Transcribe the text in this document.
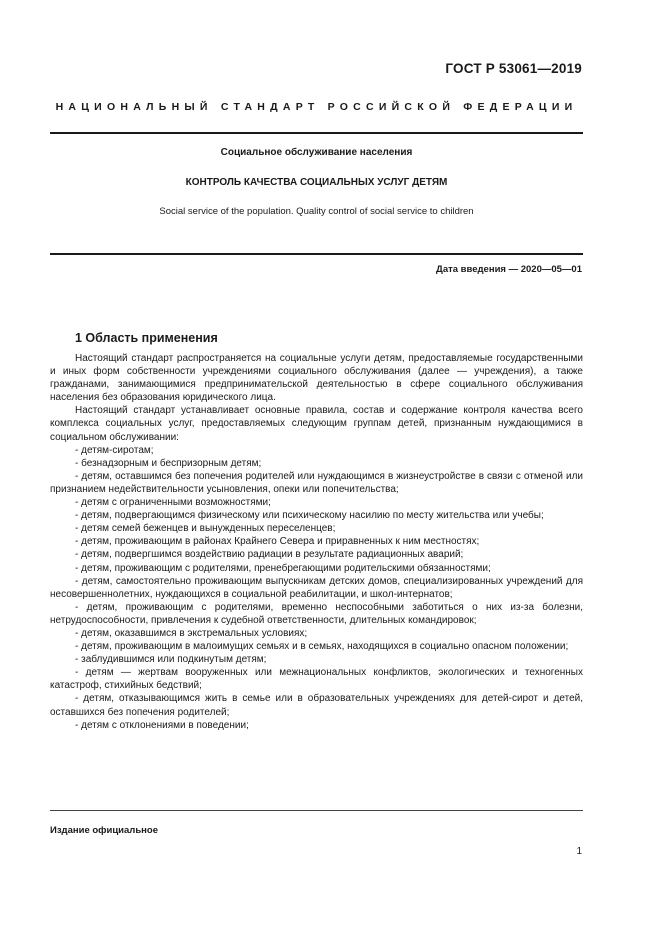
ГОСТ Р 53061—2019
НАЦИОНАЛЬНЫЙ СТАНДАРТ РОССИЙСКОЙ ФЕДЕРАЦИИ
Социальное обслуживание населения
КОНТРОЛЬ КАЧЕСТВА СОЦИАЛЬНЫХ УСЛУГ ДЕТЯМ
Social service of the population. Quality control of social service to children
Дата введения — 2020—05—01
1 Область применения

Настоящий стандарт распространяется на социальные услуги детям, предоставляемые государственными и иных форм собственности учреждениями социального обслуживания (далее — учреждения), а также гражданами, занимающимися предпринимательской деятельностью в сфере социального обслуживания населения без образования юридического лица.

Настоящий стандарт устанавливает основные правила, состав и содержание контроля качества всего комплекса социальных услуг, предоставляемых следующим группам детей, признанным нуждающимися в социальном обслуживании:

- детям-сиротам;

- безнадзорным и беспризорным детям;

- детям, оставшимся без попечения родителей или нуждающимся в жизнеустройстве в связи с отменой или признанием недействительности усыновления, опеки или попечительства;

- детям с ограниченными возможностями;

- детям, подвергающимся физическому или психическому насилию по месту жительства или учебы;

- детям семей беженцев и вынужденных переселенцев;

- детям, проживающим в районах Крайнего Севера и приравненных к ним местностях;

- детям, подвергшимся воздействию радиации в результате радиационных аварий;

- детям, проживающим с родителями, пренебрегающими родительскими обязанностями;

- детям, самостоятельно проживающим выпускникам детских домов, специализированных учреждений для несовершеннолетних, нуждающихся в социальной реабилитации, и школ-интернатов;

- детям, проживающим с родителями, временно неспособными заботиться о них из-за болезни, нетрудоспособности, привлечения к судебной ответственности, длительных командировок;

- детям, оказавшимся в экстремальных условиях;

- детям, проживающим в малоимущих семьях и в семьях, находящихся в социально опасном положении;

- заблудившимся или подкинутым детям;

- детям — жертвам вооруженных или межнациональных конфликтов, экологических и техногенных катастроф, стихийных бедствий;

- детям, отказывающимся жить в семье или в образовательных учреждениях для детей-сирот и детей, оставшихся без попечения родителей;

- детям с отклонениями в поведении;

Издание официальное
1
